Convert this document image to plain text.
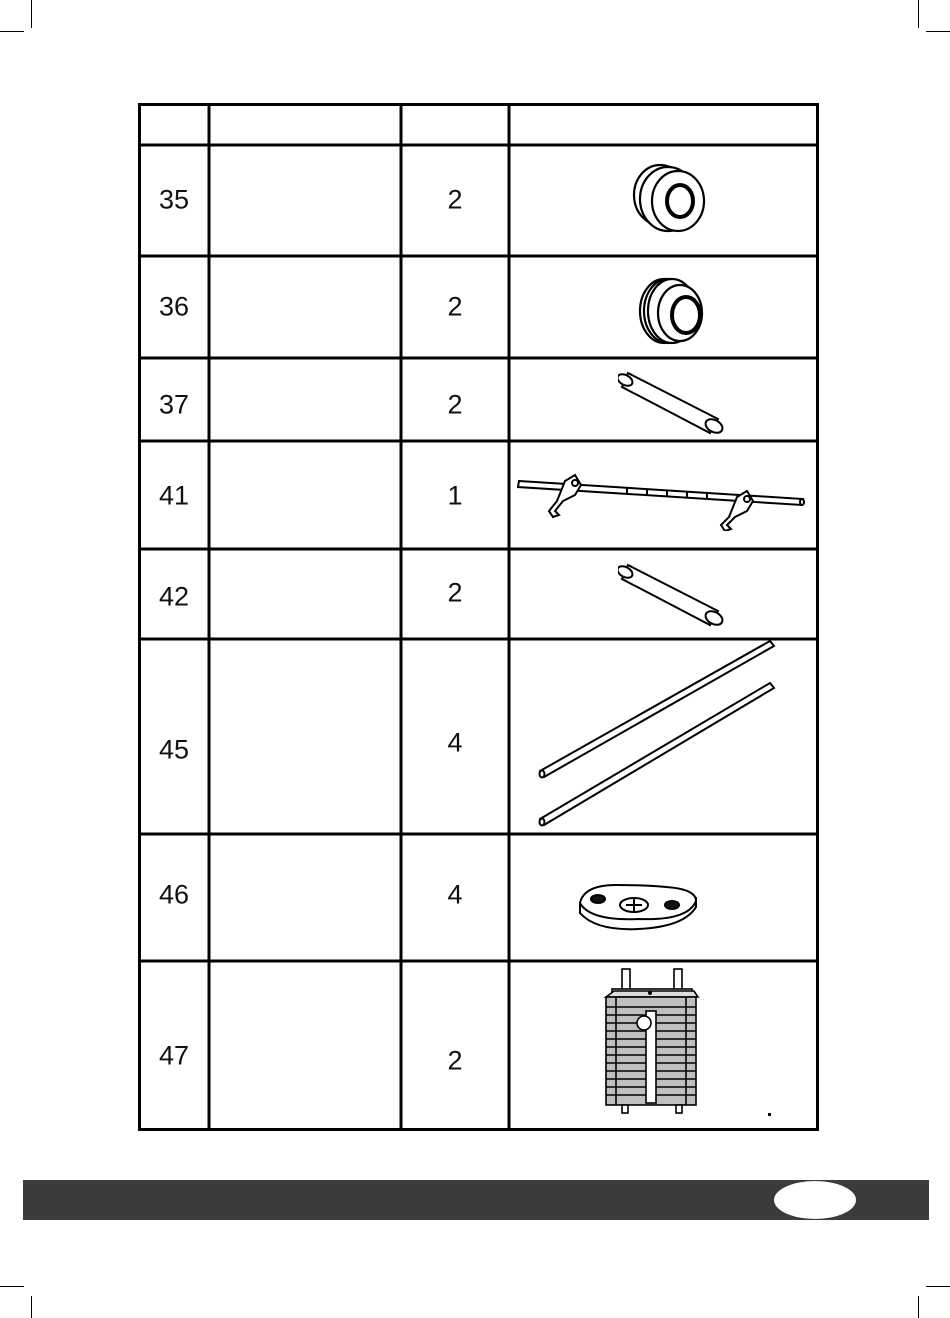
35	2
36	2
37	2
41	1
42	2
45	4
46	4
47	2
